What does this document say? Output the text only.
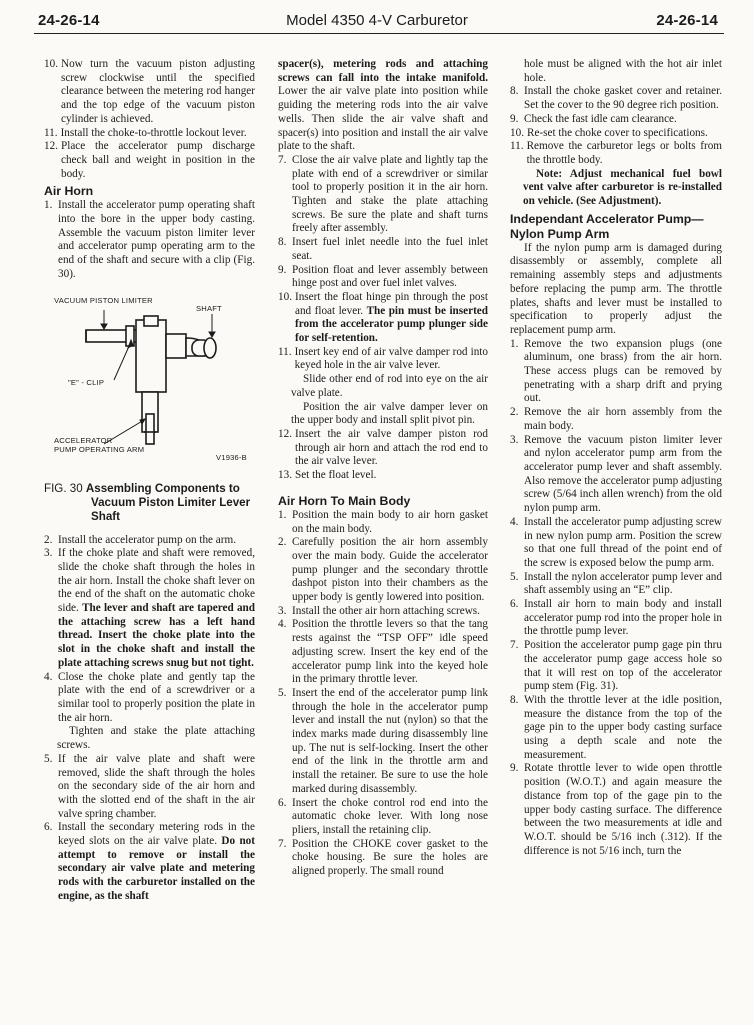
24-26-14	Model 4350 4-V Carburetor	24-26-14
10. Now turn the vacuum piston adjusting screw clockwise until the specified clearance between the metering rod hanger and the top edge of the vacuum piston cylinder is achieved.
11. Install the choke-to-throttle lockout lever.
12. Place the accelerator pump discharge check ball and weight in position in the body.
Air Horn
1. Install the accelerator pump operating shaft into the bore in the upper body casting. Assemble the vacuum piston limiter lever and accelerator pump operating arm to the end of the shaft and secure with a clip (Fig. 30).
VACUUM PISTON LIMITER
SHAFT
"E" - CLIP
ACCELERATOR
PUMP OPERATING ARM
V1936-B
FIG. 30 Assembling Components to
Vacuum Piston Limiter Lever
Shaft
2. Install the accelerator pump on the arm.
3. If the choke plate and shaft were removed, slide the choke shaft through the holes in the air horn. Install the choke shaft lever on the end of the shaft on the automatic choke side. The lever and shaft are tapered and the attaching screw has a left hand thread. Insert the choke plate into the slot in the choke shaft and install the plate attaching screws snug but not tight.
4. Close the choke plate and gently tap the plate with the end of a screwdriver or a similar tool to properly position the plate in the air horn.
Tighten and stake the plate attaching screws.
5. If the air valve plate and shaft were removed, slide the shaft through the holes on the secondary side of the air horn and with the slotted end of the shaft in the air valve spring chamber.
6. Install the secondary metering rods in the keyed slots on the air valve plate. Do not attempt to remove or install the secondary air valve plate and metering rods with the carburetor installed on the engine, as the shaft
spacer(s), metering rods and attaching screws can fall into the intake manifold. Lower the air valve plate into position while guiding the metering rods into the air valve wells. Then slide the air valve shaft and spacer(s) into position and install the air valve plate to the shaft.
7. Close the air valve plate and lightly tap the plate with end of a screwdriver or similar tool to properly position it in the air horn. Tighten and stake the plate attaching screws. Be sure the plate and shaft turns freely after assembly.
8. Insert fuel inlet needle into the fuel inlet seat.
9. Position float and lever assembly between hinge post and over fuel inlet valves.
10. Insert the float hinge pin through the post and float lever. The pin must be inserted from the accelerator pump plunger side for self-retention.
11. Insert key end of air valve damper rod into keyed hole in the air valve lever.
Slide other end of rod into eye on the air valve plate.
Position the air valve damper lever on the upper body and install split pivot pin.
12. Insert the air valve damper piston rod through air horn and attach the rod end to the air valve lever.
13. Set the float level.
Air Horn To Main Body
1. Position the main body to air horn gasket on the main body.
2. Carefully position the air horn assembly over the main body. Guide the accelerator pump plunger and the secondary throttle dashpot piston into their chambers as the upper body is gently lowered into position.
3. Install the other air horn attaching screws.
4. Position the throttle levers so that the tang rests against the “TSP OFF” idle speed adjusting screw. Insert the key end of the accelerator pump link into the keyed hole in the primary throttle lever.
5. Insert the end of the accelerator pump link through the hole in the accelerator pump lever and install the nut (nylon) so that the index marks made during disassembly line up. The nut is self-locking. Insert the other end of the link in the throttle arm and install the retainer. Be sure to use the hole marked during disassembly.
6. Insert the choke control rod end into the automatic choke lever. With long nose pliers, install the retaining clip.
7. Position the CHOKE cover gasket to the choke housing. Be sure the holes are aligned properly. The small round
hole must be aligned with the hot air inlet hole.
8. Install the choke gasket cover and retainer. Set the cover to the 90 degree rich position.
9. Check the fast idle cam clearance.
10. Re-set the choke cover to specifications.
11. Remove the carburetor legs or bolts from the throttle body.
Note: Adjust mechanical fuel bowl vent valve after carburetor is re-installed on vehicle. (See Adjustment).
Independant Accelerator Pump—
Nylon Pump Arm
If the nylon pump arm is damaged during disassembly or assembly, complete all remaining assembly steps and adjustments before replacing the pump arm. The throttle plates, shafts and lever must be installed to specification to properly adjust the replacement pump arm.
1. Remove the two expansion plugs (one aluminum, one brass) from the air horn. These access plugs can be removed by penetrating with a sharp drift and prying out.
2. Remove the air horn assembly from the main body.
3. Remove the vacuum piston limiter lever and nylon accelerator pump arm from the accelerator pump lever and shaft assembly. Also remove the accelerator pump adjusting screw (5/64 inch allen wrench) from the old nylon pump arm.
4. Install the accelerator pump adjusting screw in new nylon pump arm. Position the screw so that one full thread of the point end of the screw is exposed below the pump arm.
5. Install the nylon accelerator pump lever and shaft assembly using an “E” clip.
6. Install air horn to main body and install accelerator pump rod into the proper hole in the throttle pump lever.
7. Position the accelerator pump gage pin thru the accelerator pump gage access hole so that it will rest on top of the accelerator pump stem (Fig. 31).
8. With the throttle lever at the idle position, measure the distance from the top of the gage pin to the upper body casting surface using a depth scale and note the measurement.
9. Rotate throttle lever to wide open throttle position (W.O.T.) and again measure the distance from top of the gage pin to the upper body casting surface. The difference between the two measurements at idle and W.O.T. should be 5/16 inch (.312). If the difference is not 5/16 inch, turn the
